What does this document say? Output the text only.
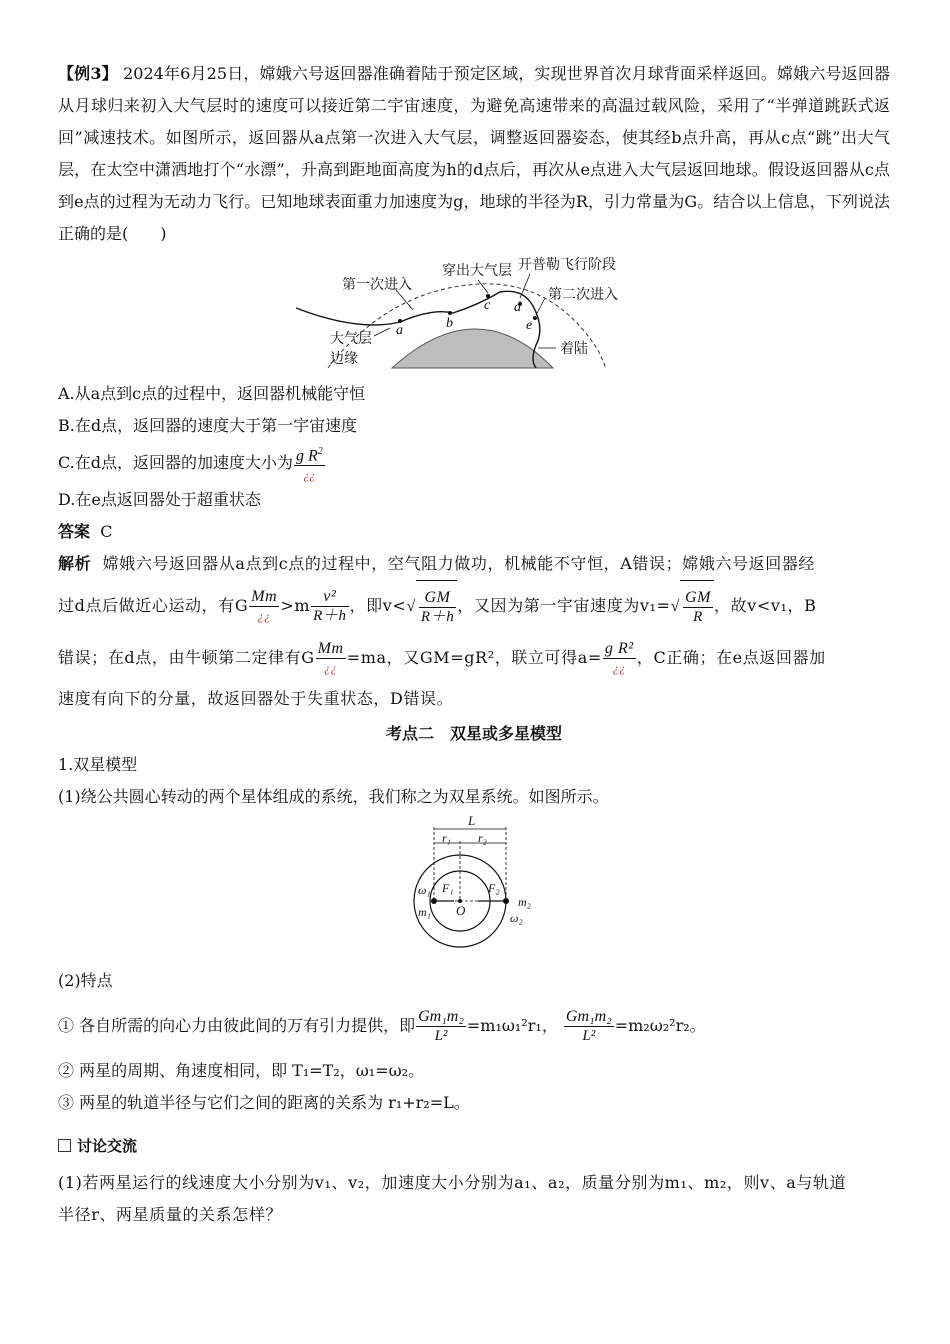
【例3】 2024年6月25日，嫦娥六号返回器准确着陆于预定区域，实现世界首次月球背面采样返回。嫦娥六号返回器从月球归来初入大气层时的速度可以接近第二宇宙速度，为避免高速带来的高温过载风险，采用了“半弹道跳跃式返回”减速技术。如图所示，返回器从a点第一次进入大气层，调整返回器姿态，使其经b点升高，再从c点“跳”出大气层，在太空中潇洒地打个“水漂”，升高到距地面高度为h的d点后，再次从e点进入大气层返回地球。假设返回器从c点到e点的过程为无动力飞行。已知地球表面重力加速度为g，地球的半径为R，引力常量为G。结合以上信息，下列说法正确的是(　　)

第一次进入
穿出大气层 开普勒飞行阶段
第二次进入
大气层
边缘
着陆
a	b
c d
e

A.从a点到c点的过程中，返回器机械能守恒

B.在d点，返回器的速度大于第一宇宙速度

C.在d点，返回器的加速度大小为 $\frac{g R^2}{¿¿}$

D.在e点返回器处于超重状态

答案 C

解析 嫦娥六号返回器从a点到c点的过程中，空气阻力做功，机械能不守恒，A错误；嫦娥六号返回器经

过d点后做近心运动，有G $\frac{Mm}{¿¿} >m \frac{\text{v²}}{R+h}$ ，即$v<√ \frac{GM}{R+h}$ ，又因为第一宇宙速度为$v_1=√ \frac{GM}{R}$ ，故v<v₁，B

错误；在d点，由牛顿第二定律有G $\frac{Mm}{¿¿} =ma$，又GM=gR²，联立可得$a= \frac{\text{g R²}}{¿¿}$ ，C正确；在e点返回器加

速度有向下的分量，故返回器处于失重状态，D错误。

考点二　双星或多星模型

1.双星模型

(1)绕公共圆心转动的两个星体组成的系统，我们称之为双星系统。如图所示。

L
r₁ r₂
O
F₁	F₂
ω₁
m₁
m₂
ω₂

(2)特点

① 各自所需的向心力由彼此间的万有引力提供，即 $\frac{\text{Gm₁m₂}}{\text{L²}} =m_1\omega_1^2r_1$， $\frac{\text{Gm₁m₂}}{\text{L²}} =m_2\omega_2^2r_2$。

② 两星的周期、角速度相同，即 T₁=T₂，ω₁=ω₂。

③ 两星的轨道半径与它们之间的距离的关系为 r₁+r₂=L。

讨论交流

(1)若两星运行的线速度大小分别为v₁、v₂，加速度大小分别为a₁、a₂，质量分别为m₁、m₂，则v、a与轨道

半径r、两星质量的关系怎样？
